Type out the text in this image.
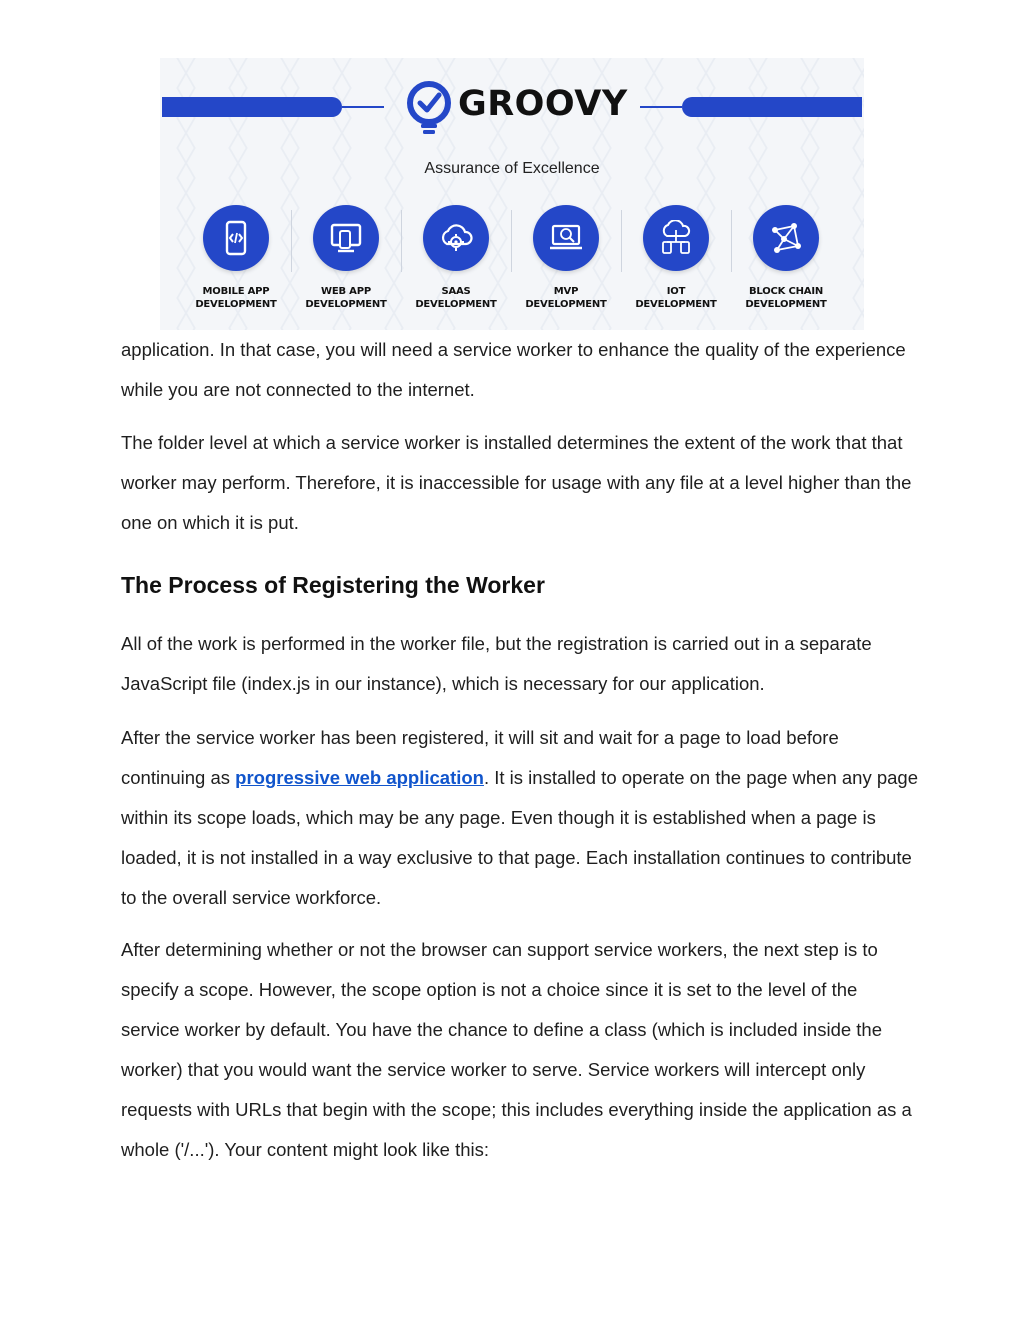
GROOVY
Assurance of Excellence
MOBILE APP
DEVELOPMENT
WEB APP
DEVELOPMENT
SAAS
DEVELOPMENT
MVP
DEVELOPMENT
IOT
DEVELOPMENT
BLOCK CHAIN
DEVELOPMENT

application. In that case, you will need a service worker to enhance the quality of the experience while you are not connected to the internet.

The folder level at which a service worker is installed determines the extent of the work that that worker may perform. Therefore, it is inaccessible for usage with any file at a level higher than the one on which it is put.

The Process of Registering the Worker

All of the work is performed in the worker file, but the registration is carried out in a separate JavaScript file (index.js in our instance), which is necessary for our application.

After the service worker has been registered, it will sit and wait for a page to load before continuing as progressive web application. It is installed to operate on the page when any page within its scope loads, which may be any page. Even though it is established when a page is loaded, it is not installed in a way exclusive to that page. Each installation continues to contribute to the overall service workforce.

After determining whether or not the browser can support service workers, the next step is to specify a scope. However, the scope option is not a choice since it is set to the level of the service worker by default. You have the chance to define a class (which is included inside the worker) that you would want the service worker to serve. Service workers will intercept only requests with URLs that begin with the scope; this includes everything inside the application as a whole ('/...'). Your content might look like this:
